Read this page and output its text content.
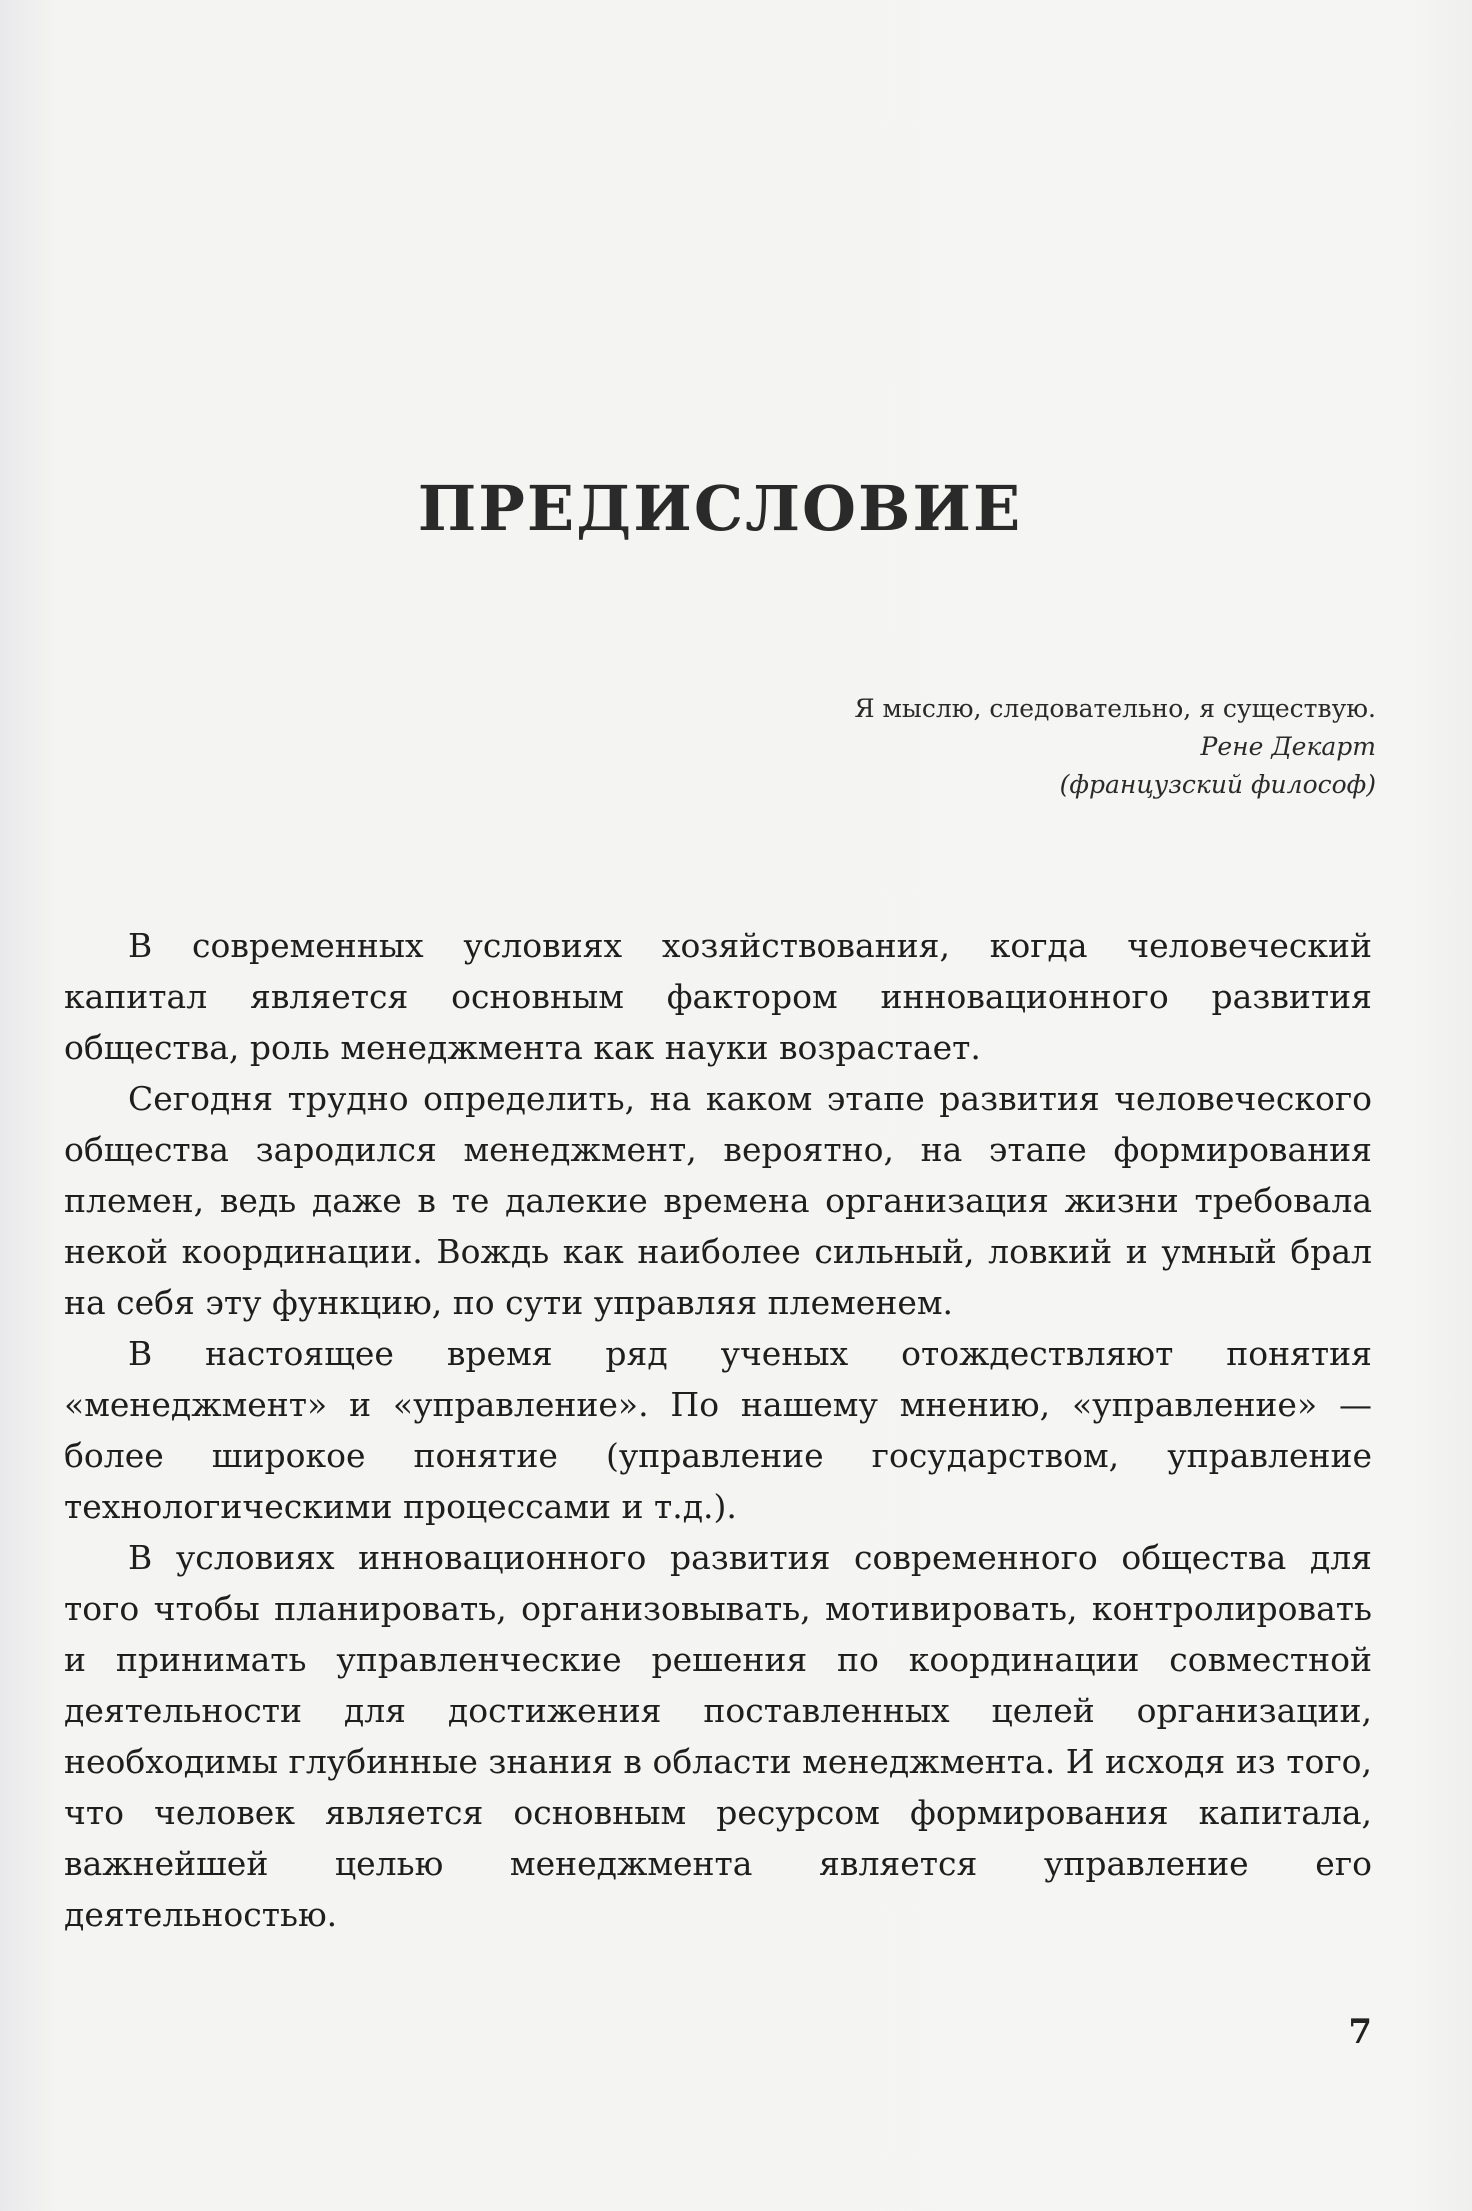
ПРЕДИСЛОВИЕ
Я мыслю, следовательно, я существую.
Рене Декарт
(французский философ)

В современных условиях хозяйствования, когда человеческий капитал является основным фактором инновационного развития общества, роль менеджмента как науки возрастает.

Сегодня трудно определить, на каком этапе развития человеческого общества зародился менеджмент, вероятно, на этапе формирования племен, ведь даже в те далекие времена организация жизни требовала некой координации. Вождь как наиболее сильный, ловкий и умный брал на себя эту функцию, по сути управляя племенем.

В настоящее время ряд ученых отождествляют понятия «менеджмент» и «управление». По нашему мнению, «управление» — более широкое понятие (управление государством, управление технологическими процессами и т.д.).

В условиях инновационного развития современного общества для того чтобы планировать, организовывать, мотивировать, контролировать и принимать управленческие решения по координации совместной деятельности для достижения поставленных целей организации, необходимы глубинные знания в области менеджмента. И исходя из того, что человек является основным ресурсом формирования капитала, важнейшей целью менеджмента является управление его деятельностью.

7
